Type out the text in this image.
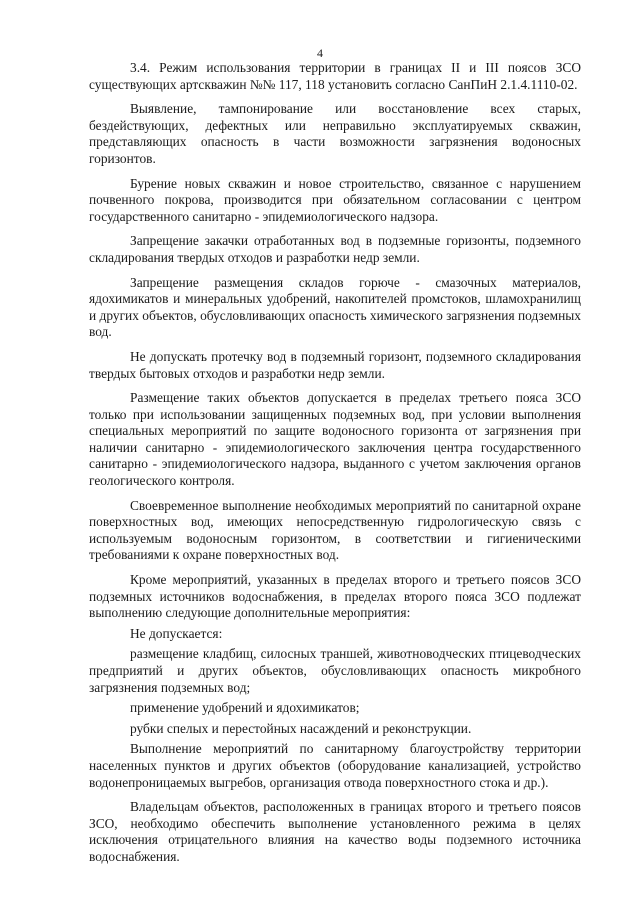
4

3.4. Режим использования территории в границах II и III поясов ЗСО существующих артскважин №№ 117, 118 установить согласно СанПиН 2.1.4.1110-02.

Выявление, тампонирование или восстановление всех старых, бездействующих, дефектных или неправильно эксплуатируемых скважин, представляющих опасность в части возможности загрязнения водоносных горизонтов.

Бурение новых скважин и новое строительство, связанное с нарушением почвенного покрова, производится при обязательном согласовании с центром государственного санитарно - эпидемиологического надзора.

Запрещение закачки отработанных вод в подземные горизонты, подземного складирования твердых отходов и разработки недр земли.

Запрещение размещения складов горюче - смазочных материалов, ядохимикатов и минеральных удобрений, накопителей промстоков, шламохранилищ и других объектов, обусловливающих опасность химического загрязнения подземных вод.

Не допускать протечку вод в подземный горизонт, подземного складирования твердых бытовых отходов и разработки недр земли.

Размещение таких объектов допускается в пределах третьего пояса ЗСО только при использовании защищенных подземных вод, при условии выполнения специальных мероприятий по защите водоносного горизонта от загрязнения при наличии санитарно - эпидемиологического заключения центра государственного санитарно - эпидемиологического надзора, выданного с учетом заключения органов геологического контроля.

Своевременное выполнение необходимых мероприятий по санитарной охране поверхностных вод, имеющих непосредственную гидрологическую связь с используемым водоносным горизонтом, в соответствии и гигиеническими требованиями к охране поверхностных вод.

Кроме мероприятий, указанных в пределах второго и третьего поясов ЗСО подземных источников водоснабжения, в пределах второго пояса ЗСО подлежат выполнению следующие дополнительные мероприятия:

Не допускается:

размещение кладбищ, силосных траншей, животноводческих птицеводческих предприятий и других объектов, обусловливающих опасность микробного загрязнения подземных вод;

применение удобрений и ядохимикатов;

рубки спелых и перестойных насаждений и реконструкции.

Выполнение мероприятий по санитарному благоустройству территории населенных пунктов и других объектов (оборудование канализацией, устройство водонепроницаемых выгребов, организация отвода поверхностного стока и др.).

Владельцам объектов, расположенных в границах второго и третьего поясов ЗСО, необходимо обеспечить выполнение установленного режима в целях исключения отрицательного влияния на качество воды подземного источника водоснабжения.
